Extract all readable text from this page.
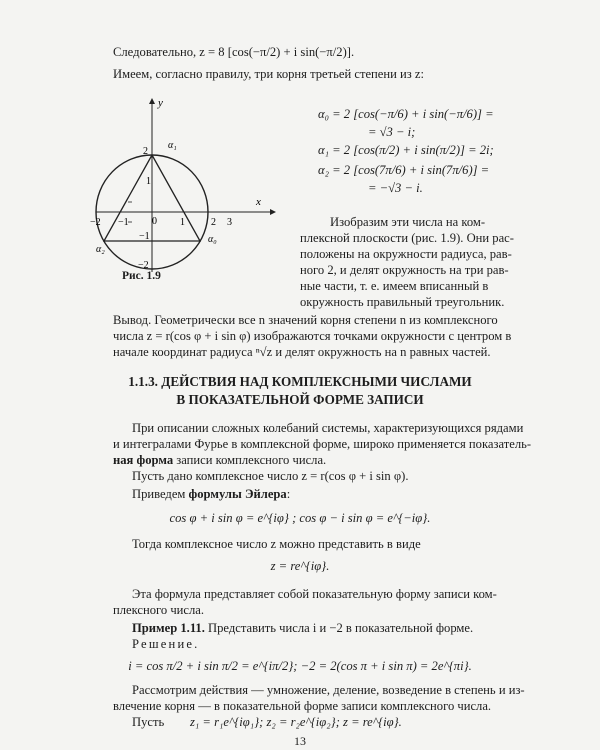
Следовательно, z = 8 [cos(−π/2) + i sin(−π/2)].
Имеем, согласно правилу, три корня третьей степени из z:
x
y
−2 −1 0 1	2 3
2
1
−1
−2
α₁
α₂
α₀
Рис. 1.9
α₀ = 2 [cos(−π/6) + i sin(−π/6)] =
= √3 − i;
α₁ = 2 [cos(π/2) + i sin(π/2)] = 2i;
α₂ = 2 [cos(7π/6) + i sin(7π/6)] =
= −√3 − i.
Изобразим эти числа на ком-
плексной плоскости (рис. 1.9). Они рас-
положены на окружности радиуса, рав-
ного 2, и делят окружность на три рав-
ные части, т. е. имеем вписанный в
окружность правильный треугольник.
Вывод. Геометрически все n значений корня степени n из комплексного
числа z = r(cos φ + i sin φ) изображаются точками окружности с центром в
начале координат радиуса ⁿ√z и делят окружность на n равных частей.
1.1.3. ДЕЙСТВИЯ НАД КОМПЛЕКСНЫМИ ЧИСЛАМИ
В ПОКАЗАТЕЛЬНОЙ ФОРМЕ ЗАПИСИ
При описании сложных колебаний системы, характеризующихся рядами
и интегралами Фурье в комплексной форме, широко применяется показатель-
ная форма записи комплексного числа.
Пусть дано комплексное число z = r(cos φ + i sin φ).
Приведем формулы Эйлера:
cos φ + i sin φ = e^{iφ} ; cos φ − i sin φ = e^{−iφ}.
Тогда комплексное число z можно представить в виде
z = re^{iφ}.
Эта формула представляет собой показательную форму записи ком-
плексного числа.
Пример 1.11. Представить числа i и −2 в показательной форме.
Решение.
i = cos π/2 + i sin π/2 = e^{iπ/2}; −2 = 2(cos π + i sin π) = 2e^{πi}.
Рассмотрим действия — умножение, деление, возведение в степень и из-
влечение корня — в показательной форме записи комплексного числа.
13
Пусть z₁ = r₁e^{iφ₁}; z₂ = r₂e^{iφ₂}; z = re^{iφ}.
